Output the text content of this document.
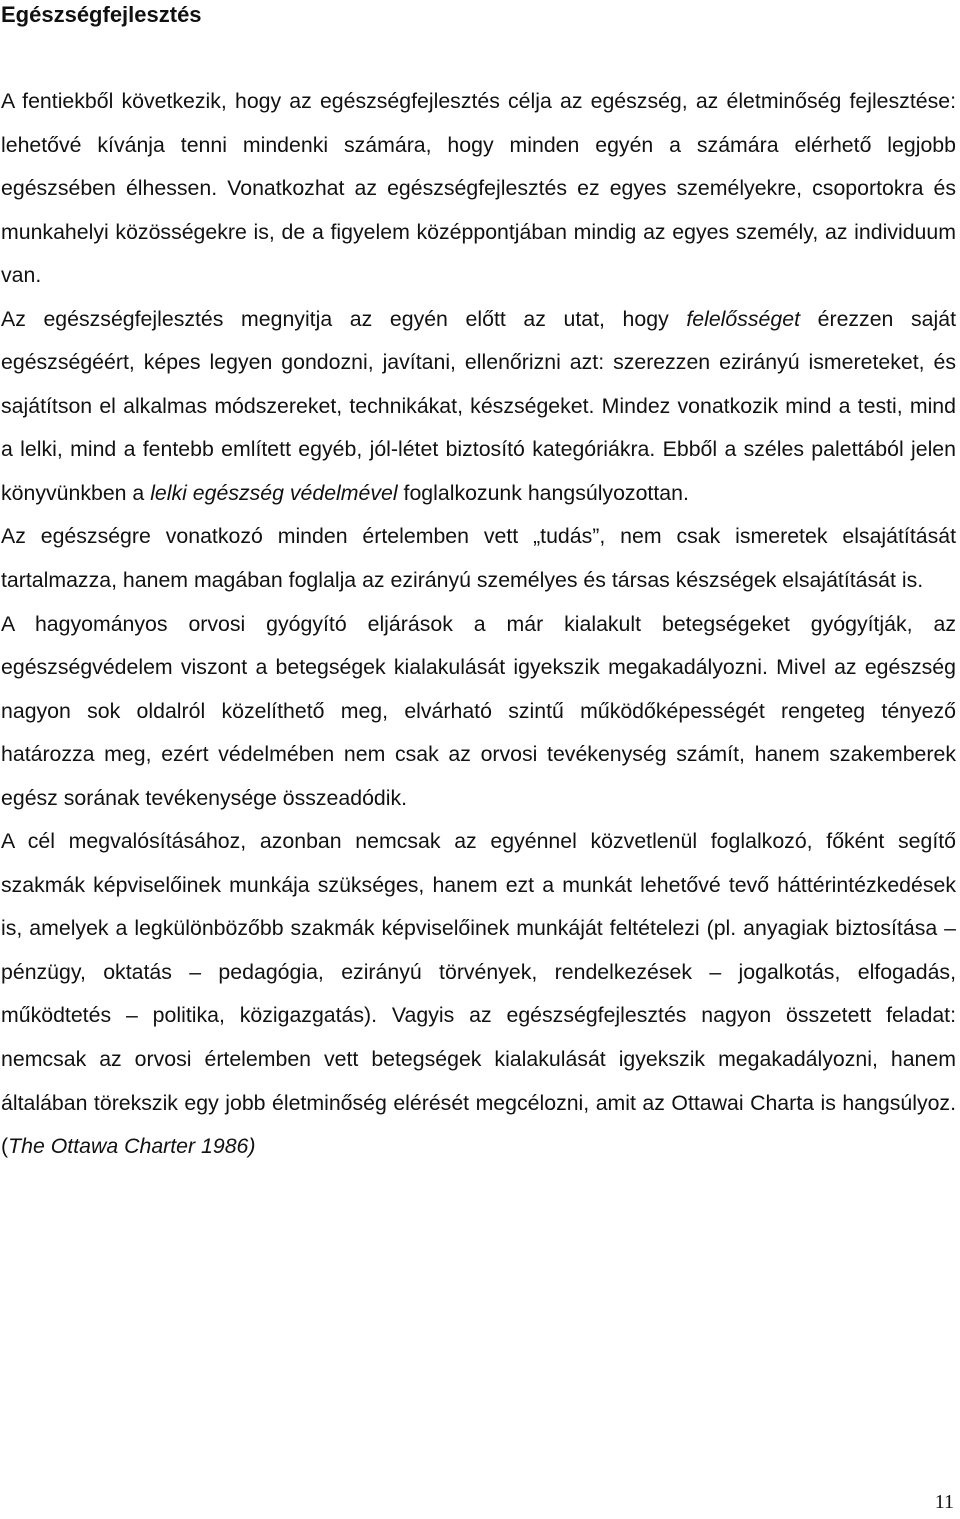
Egészségfejlesztés

A fentiekből következik, hogy az egészségfejlesztés célja az egészség, az életminőség fejlesztése: lehetővé kívánja tenni mindenki számára, hogy minden egyén a számára elérhető legjobb egészsében élhessen. Vonatkozhat az egészségfejlesztés ez egyes személyekre, csoportokra és munkahelyi közösségekre is, de a figyelem középpontjában mindig az egyes személy, az individuum van.

Az egészségfejlesztés megnyitja az egyén előtt az utat, hogy felelősséget érezzen saját egészségéért, képes legyen gondozni, javítani, ellenőrizni azt: szerezzen ezirányú ismereteket, és sajátítson el alkalmas módszereket, technikákat, készségeket. Mindez vonatkozik mind a testi, mind a lelki, mind a fentebb említett egyéb, jól-létet biztosító kategóriákra. Ebből a széles palettából jelen könyvünkben a lelki egészség védelmével foglalkozunk hangsúlyozottan.

Az egészségre vonatkozó minden értelemben vett „tudás”, nem csak ismeretek elsajátítását tartalmazza, hanem magában foglalja az ezirányú személyes és társas készségek elsajátítását is.

A hagyományos orvosi gyógyító eljárások a már kialakult betegségeket gyógyítják, az egészségvédelem viszont a betegségek kialakulását igyekszik megakadályozni. Mivel az egészség nagyon sok oldalról közelíthető meg, elvárható szintű működőképességét rengeteg tényező határozza meg, ezért védelmében nem csak az orvosi tevékenység számít, hanem szakemberek egész sorának tevékenysége összeadódik.

A cél megvalósításához, azonban nemcsak az egyénnel közvetlenül foglalkozó, főként segítő szakmák képviselőinek munkája szükséges, hanem ezt a munkát lehetővé tevő háttérintézkedések is, amelyek a legkülönbözőbb szakmák képviselőinek munkáját feltételezi (pl. anyagiak biztosítása – pénzügy, oktatás – pedagógia, ezirányú törvények, rendelkezések – jogalkotás, elfogadás, működtetés – politika, közigazgatás). Vagyis az egészségfejlesztés nagyon összetett feladat: nemcsak az orvosi értelemben vett betegségek kialakulását igyekszik megakadályozni, hanem általában törekszik egy jobb életminőség elérését megcélozni, amit az Ottawai Charta is hangsúlyoz. (The Ottawa Charter 1986)

11
